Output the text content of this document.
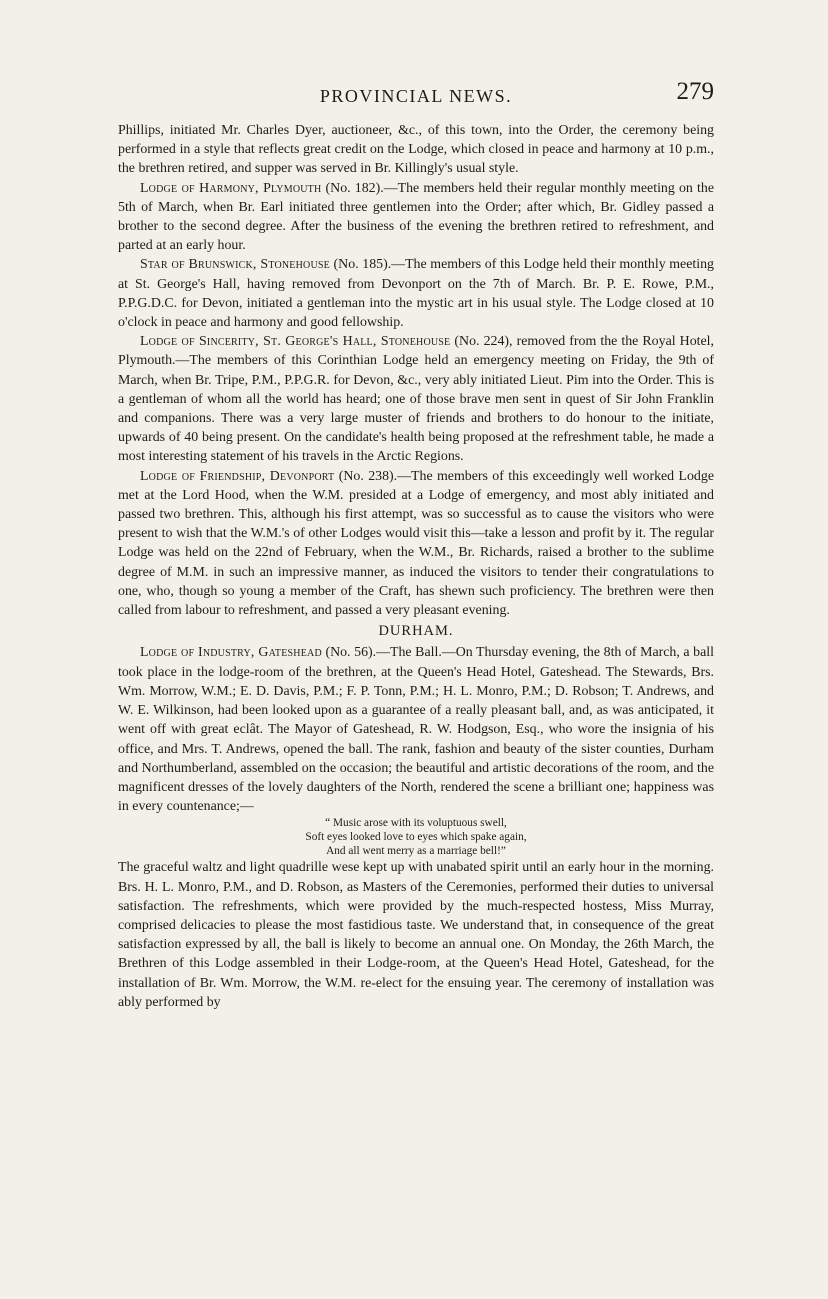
PROVINCIAL NEWS.	279

Phillips, initiated Mr. Charles Dyer, auctioneer, &c., of this town, into the Order, the ceremony being performed in a style that reflects great credit on the Lodge, which closed in peace and harmony at 10 p.m., the brethren retired, and supper was served in Br. Killingly's usual style.

Lodge of Harmony, Plymouth (No. 182).—The members held their regular monthly meeting on the 5th of March, when Br. Earl initiated three gentlemen into the Order; after which, Br. Gidley passed a brother to the second degree. After the business of the evening the brethren retired to refreshment, and parted at an early hour.

Star of Brunswick, Stonehouse (No. 185).—The members of this Lodge held their monthly meeting at St. George's Hall, having removed from Devonport on the 7th of March. Br. P. E. Rowe, P.M., P.P.G.D.C. for Devon, initiated a gentleman into the mystic art in his usual style. The Lodge closed at 10 o'clock in peace and harmony and good fellowship.

Lodge of Sincerity, St. George's Hall, Stonehouse (No. 224), removed from the the Royal Hotel, Plymouth.—The members of this Corinthian Lodge held an emergency meeting on Friday, the 9th of March, when Br. Tripe, P.M., P.P.G.R. for Devon, &c., very ably initiated Lieut. Pim into the Order. This is a gentleman of whom all the world has heard; one of those brave men sent in quest of Sir John Franklin and companions. There was a very large muster of friends and brothers to do honour to the initiate, upwards of 40 being present. On the candidate's health being proposed at the refreshment table, he made a most interesting statement of his travels in the Arctic Regions.

Lodge of Friendship, Devonport (No. 238).—The members of this exceedingly well worked Lodge met at the Lord Hood, when the W.M. presided at a Lodge of emergency, and most ably initiated and passed two brethren. This, although his first attempt, was so successful as to cause the visitors who were present to wish that the W.M.'s of other Lodges would visit this—take a lesson and profit by it. The regular Lodge was held on the 22nd of February, when the W.M., Br. Richards, raised a brother to the sublime degree of M.M. in such an impressive manner, as induced the visitors to tender their congratulations to one, who, though so young a member of the Craft, has shewn such proficiency. The brethren were then called from labour to refreshment, and passed a very pleasant evening.

DURHAM.

Lodge of Industry, Gateshead (No. 56).—The Ball.—On Thursday evening, the 8th of March, a ball took place in the lodge-room of the brethren, at the Queen's Head Hotel, Gateshead. The Stewards, Brs. Wm. Morrow, W.M.; E. D. Davis, P.M.; F. P. Tonn, P.M.; H. L. Monro, P.M.; D. Robson; T. Andrews, and W. E. Wilkinson, had been looked upon as a guarantee of a really pleasant ball, and, as was anticipated, it went off with great eclât. The Mayor of Gateshead, R. W. Hodgson, Esq., who wore the insignia of his office, and Mrs. T. Andrews, opened the ball. The rank, fashion and beauty of the sister counties, Durham and Northumberland, assembled on the occasion; the beautiful and artistic decorations of the room, and the magnificent dresses of the lovely daughters of the North, rendered the scene a brilliant one; happiness was in every countenance;—

“ Music arose with its voluptuous swell,
Soft eyes looked love to eyes which spake again,
And all went merry as a marriage bell!”

The graceful waltz and light quadrille wese kept up with unabated spirit until an early hour in the morning. Brs. H. L. Monro, P.M., and D. Robson, as Masters of the Ceremonies, performed their duties to universal satisfaction. The refreshments, which were provided by the much-respected hostess, Miss Murray, comprised delicacies to please the most fastidious taste. We understand that, in consequence of the great satisfaction expressed by all, the ball is likely to become an annual one. On Monday, the 26th March, the Brethren of this Lodge assembled in their Lodge-room, at the Queen's Head Hotel, Gateshead, for the installation of Br. Wm. Morrow, the W.M. re-elect for the ensuing year. The ceremony of installation was ably performed by
